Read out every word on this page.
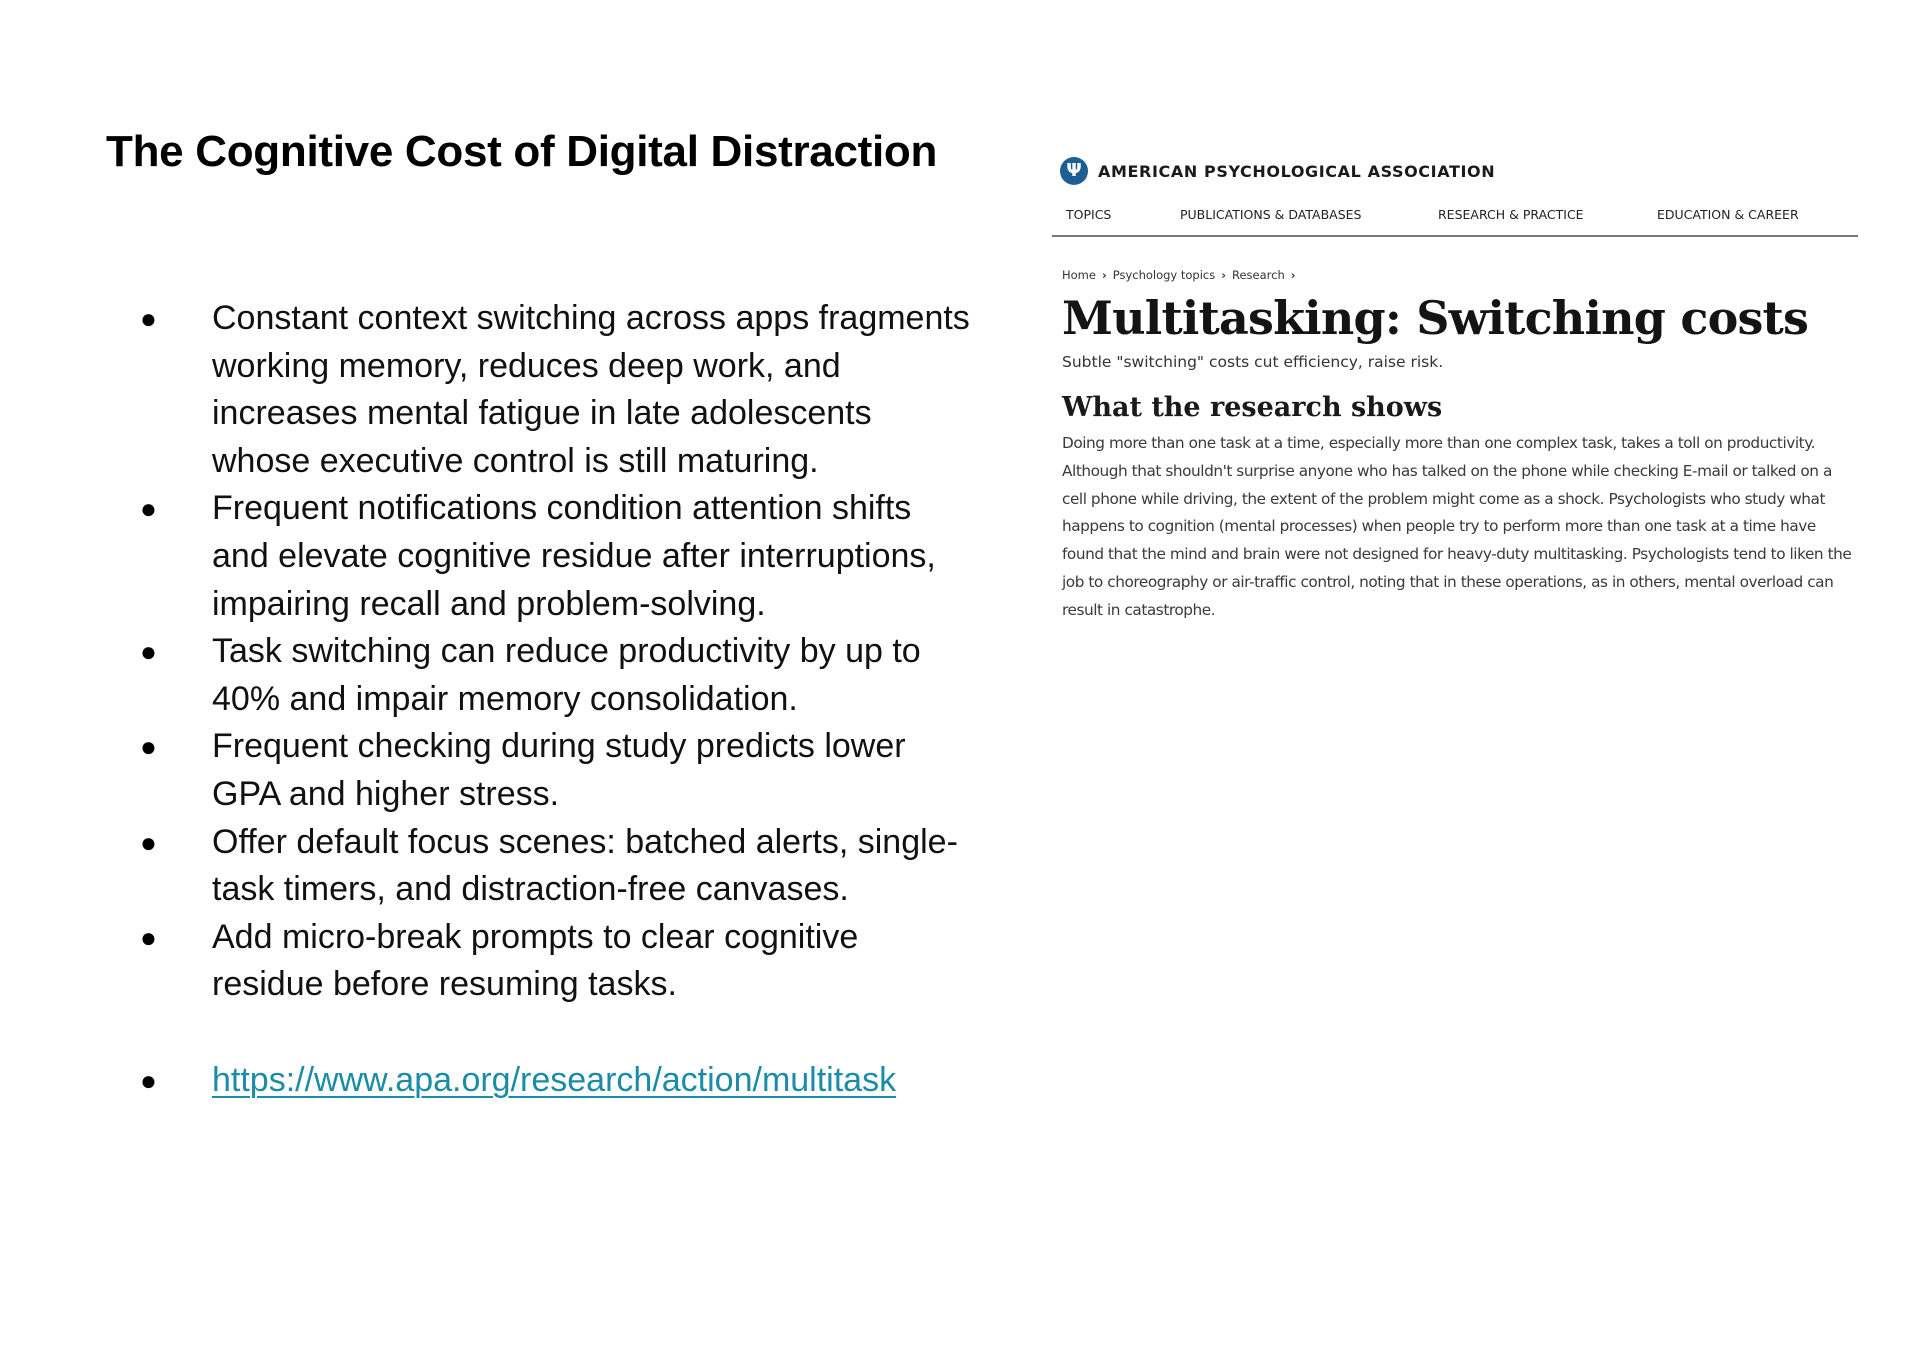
The Cognitive Cost of Digital Distraction
● Constant context switching across apps fragments working memory, reduces deep work, and increases mental fatigue in late adolescents whose executive control is still maturing.
● Frequent notifications condition attention shifts and elevate cognitive residue after interruptions, impairing recall and problem-solving.
● Task switching can reduce productivity by up to 40% and impair memory consolidation.
● Frequent checking during study predicts lower GPA and higher stress.
● Offer default focus scenes: batched alerts, single-task timers, and distraction-free canvases.
● Add micro-break prompts to clear cognitive residue before resuming tasks.
● https://www.apa.org/research/action/multitask
Ψ	AMERICAN PSYCHOLOGICAL ASSOCIATION
TOPICS	PUBLICATIONS & DATABASES	RESEARCH & PRACTICE	EDUCATION & CAREER
Home › Psychology topics › Research ›
Multitasking: Switching costs
Subtle "switching" costs cut efficiency, raise risk.
What the research shows

Doing more than one task at a time, especially more than one complex task, takes a toll on productivity. Although that shouldn't surprise anyone who has talked on the phone while checking E-mail or talked on a cell phone while driving, the extent of the problem might come as a shock. Psychologists who study what happens to cognition (mental processes) when people try to perform more than one task at a time have found that the mind and brain were not designed for heavy-duty multitasking. Psychologists tend to liken the job to choreography or air-traffic control, noting that in these operations, as in others, mental overload can result in catastrophe.
